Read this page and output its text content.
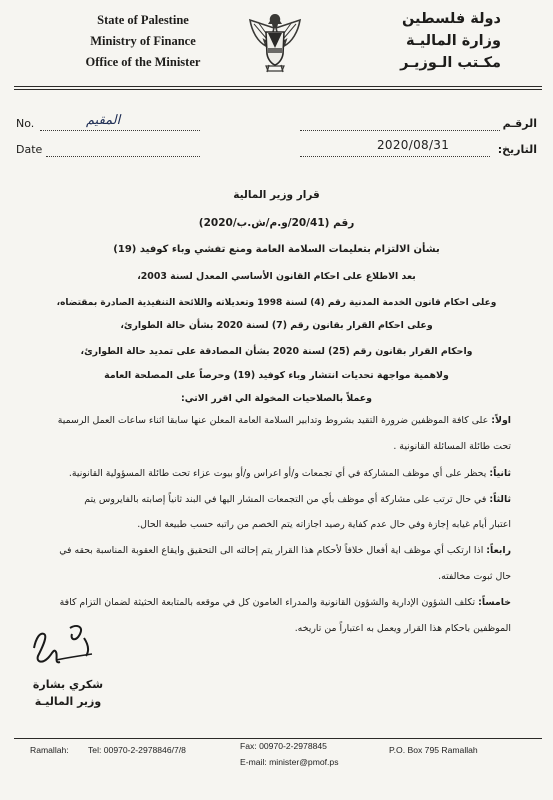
State of Palestine
Ministry of Finance
Office of the Minister
دولة فلسطين
وزارة الماليـة
مكـتب الـوزيـر
No.	المقيم	الرقـم
Date	2020/08/31	التاريخ:
قرار وزير المالية
رقم (20/41/و.م/ش.ب/2020)
بشأن الالتزام بتعليمات السلامة العامة ومنع تفشي وباء كوفيد (19)
بعد الاطلاع على احكام القانون الأساسي المعدل لسنة 2003،
وعلى احكام قانون الخدمة المدنية رقم (4) لسنة 1998 وتعديلاته واللائحة التنفيذية الصادرة بمقتضاه،
وعلى احكام القرار بقانون رقم (7) لسنة 2020 بشأن حالة الطوارئ،
واحكام القرار بقانون رقم (25) لسنة 2020 بشأن المصادقة على تمديد حالة الطوارئ،
ولاهمية مواجهة تحديات انتشار وباء كوفيد (19) وحرصاً على المصلحة العامة
وعملاً بالصلاحيات المخولة الي اقرر الاتي:
اولاً: على كافة الموظفين ضرورة التقيد بشروط وتدابير السلامة العامة المعلن عنها سابقا اثناء ساعات العمل الرسمية
تحت طائلة المسائلة القانونية .
ثانياً: يحظر على أي موظف المشاركة في أي تجمعات و/أو اعراس و/أو بيوت عزاء تحت طائلة المسؤولية القانونية.
ثالثاً: في حال ترتب على مشاركة أي موظف بأي من التجمعات المشار اليها في البند ثانياً إصابته بالفايروس يتم
اعتبار أيام غيابه إجازة وفي حال عدم كفاية رصيد اجازاته يتم الخصم من راتبه حسب طبيعة الحال.
رابعاً: اذا ارتكب أي موظف اية أفعال خلافاً لأحكام هذا القرار يتم إحالته الى التحقيق وايقاع العقوبة المناسبة بحقه في
حال ثبوت مخالفته.
خامساً: تكلف الشؤون الإدارية والشؤون القانونية والمدراء العامون كل في موقعه بالمتابعة الحثيثة لضمان التزام كافة
الموظفين باحكام هذا القرار ويعمل به اعتباراً من تاريخه.
شكري بشارة
وزير الماليـة
Ramallah: Tel: 00970-2-2978846/7/8	Fax: 00970-2-2978845
E-mail: minister@pmof.ps
P.O. Box 795 Ramallah
